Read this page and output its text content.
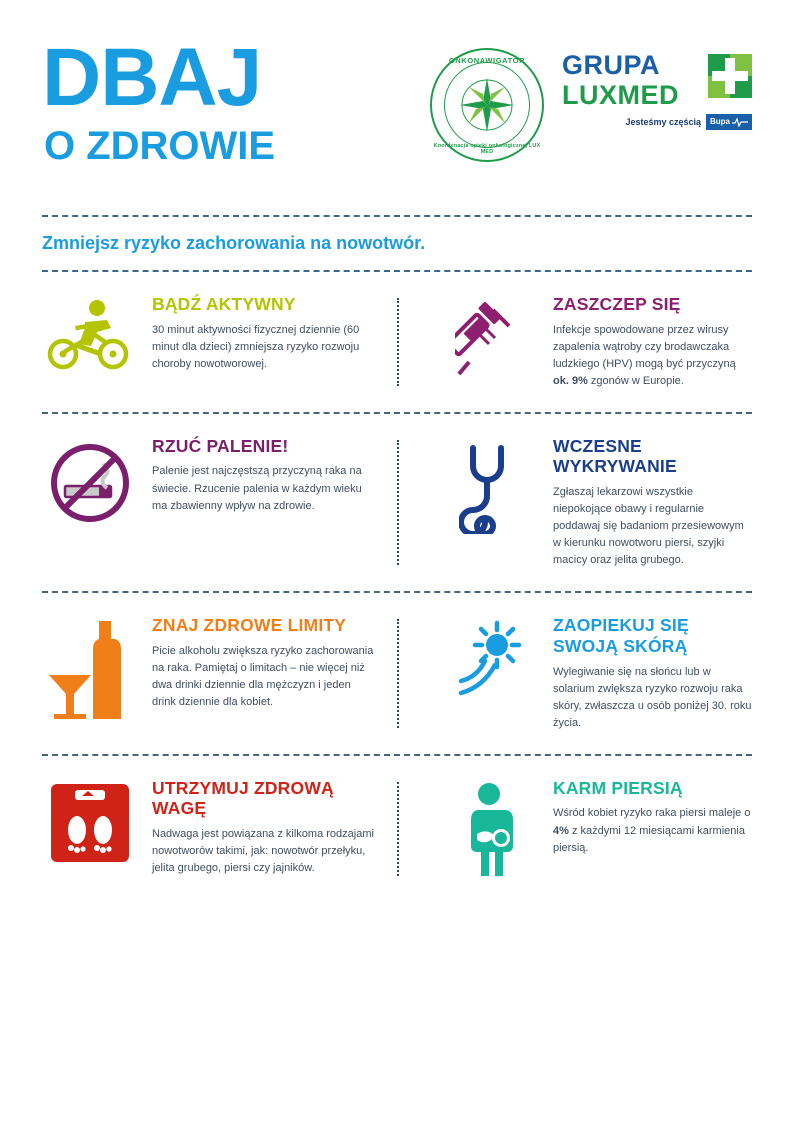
DBAJ
O ZDROWIE
ONKONAWIGATOR
Koordynacja opieki onkologicznej LUX MED
GRUPA
LUXMED
Jesteśmy częścią Bupa
Zmniejsz ryzyko zachorowania na nowotwór.
BĄDŹ AKTYWNY

30 minut aktywności fizycznej dziennie (60 minut dla dzieci) zmniejsza ryzyko rozwoju choroby nowotworowej.

ZASZCZEP SIĘ

Infekcje spowodowane przez wirusy zapalenia wątroby czy brodawczaka ludzkiego (HPV) mogą być przyczyną ok. 9% zgonów w Europie.

RZUĆ PALENIE!

Palenie jest najczęstszą przyczyną raka na świecie. Rzucenie palenia w każdym wieku ma zbawienny wpływ na zdrowie.

WCZESNE WYKRYWANIE

Zgłaszaj lekarzowi wszystkie niepokojące obawy i regularnie poddawaj się badaniom przesiewowym w kierunku nowotworu piersi, szyjki macicy oraz jelita grubego.

ZNAJ ZDROWE LIMITY

Picie alkoholu zwiększa ryzyko zachorowania na raka. Pamiętaj o limitach – nie więcej niż dwa drinki dziennie dla mężczyzn i jeden drink dziennie dla kobiet.

ZAOPIEKUJ SIĘ SWOJĄ SKÓRĄ

Wylegiwanie się na słońcu lub w solarium zwiększa ryzyko rozwoju raka skóry, zwłaszcza u osób poniżej 30. roku życia.

UTRZYMUJ ZDROWĄ WAGĘ

Nadwaga jest powiązana z kilkoma rodzajami nowotworów takimi, jak: nowotwór przełyku, jelita grubego, piersi czy jajników.

KARM PIERSIĄ

Wśród kobiet ryzyko raka piersi maleje o 4% z każdymi 12 miesiącami karmienia piersią.
